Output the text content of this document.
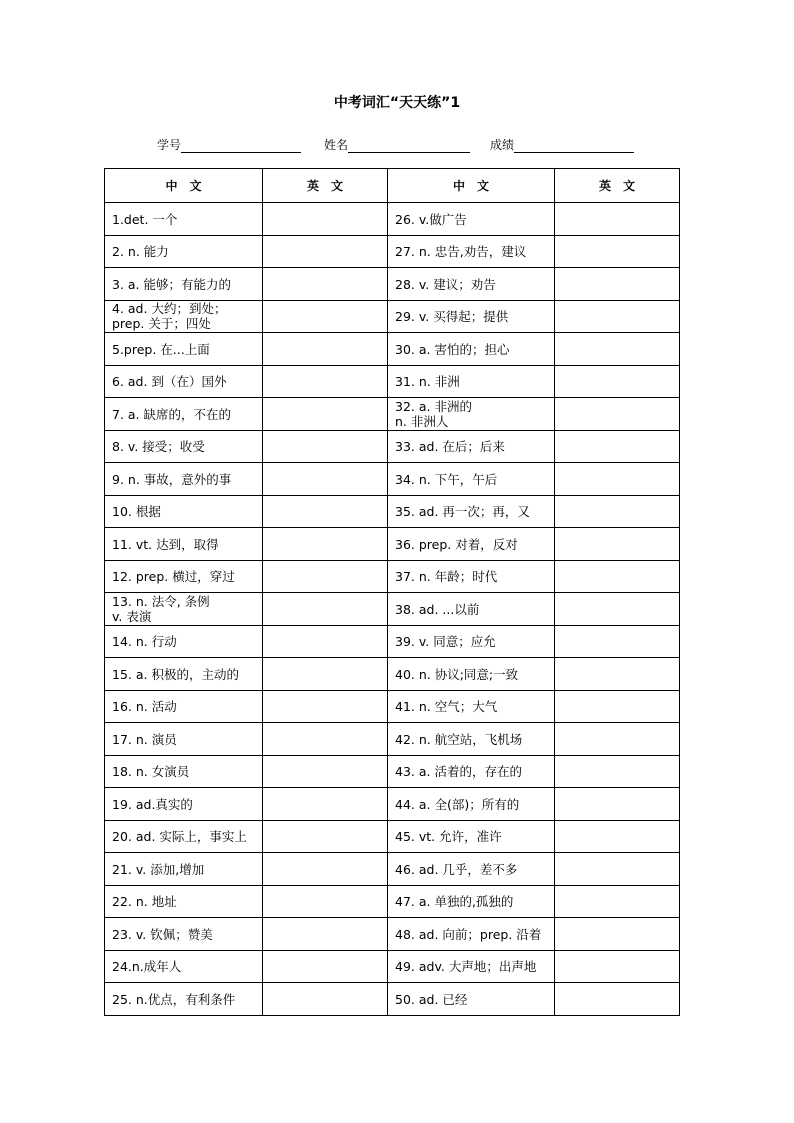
中考词汇“天天练”1
学号	姓名	成绩
中　文	英　文	中　文	英　文
1.det. 一个		26. v.做广告	
2. n. 能力		27. n. 忠告,劝告，建议	
3. a. 能够；有能力的		28. v. 建议；劝告	

4. ad. 大约；到处；
prep. 关于；四处		29. v. 买得起；提供	
5.prep. 在...上面		30. a. 害怕的；担心	
6. ad. 到（在）国外		31. n. 非洲	
7. a. 缺席的，不在的		32. a. 非洲的
n. 非洲人	

8. v. 接受；收受		33. ad. 在后；后来	
9. n. 事故，意外的事		34. n. 下午，午后	
10. 根据		35. ad. 再一次；再，又	
11. vt. 达到，取得		36. prep. 对着，反对	
12. prep. 横过，穿过		37. n. 年龄；时代	

13. n. 法令, 条例
v. 表演		38. ad. ...以前	
14. n. 行动		39. v. 同意；应允	
15. a. 积极的，主动的		40. n. 协议;同意;一致	
16. n. 活动		41. n. 空气；大气	
17. n. 演员		42. n. 航空站，飞机场	
18. n. 女演员		43. a. 活着的，存在的	
19. ad.真实的		44. a. 全(部)；所有的	
20. ad. 实际上，事实上		45. vt. 允许，准许	
21. v. 添加,增加		46. ad. 几乎，差不多	
22. n. 地址		47. a. 单独的,孤独的	
23. v. 钦佩；赞美		48. ad. 向前；prep. 沿着	
24.n.成年人		49. adv. 大声地；出声地	
25. n.优点，有利条件		50. ad. 已经	
